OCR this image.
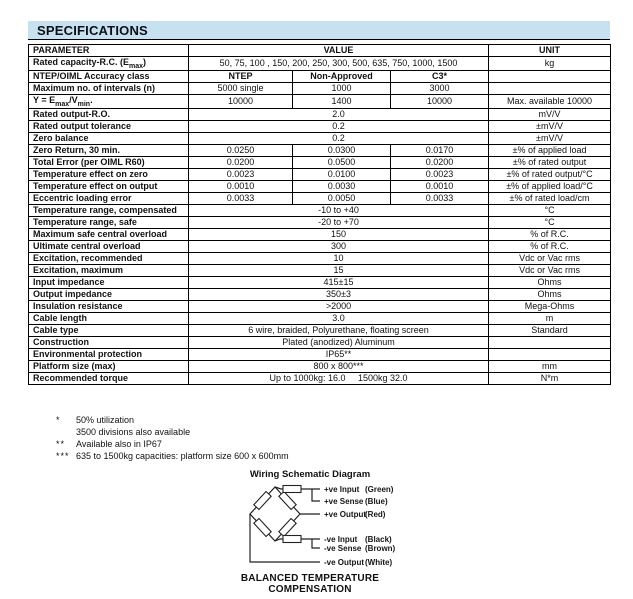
SPECIFICATIONS
PARAMETER	VALUE			UNIT
Rated capacity-R.C. $(E_{max})$	50, 75, 100 , 150, 200, 250, 300, 500, 635, 750, 1000, 1500			kg
NTEP/OIML Accuracy class	NTEP	Non-Approved	C3*	
Maximum no. of intervals (n)	5000 single	1000	3000	
$Y = E_{max}/V_{min}$.	10000	1400	10000	Max. available 10000
Rated output-R.O.	2.0			mV/V
Rated output tolerance	0.2			±mV/V
Zero balance	0.2			±mV/V
Zero Return, 30 min.	0.0250	0.0300	0.0170	±% of applied load
Total Error (per OIML R60)	0.0200	0.0500	0.0200	±% of rated output
Temperature effect on zero	0.0023	0.0100	0.0023	±% of rated output/°C
Temperature effect on output	0.0010	0.0030	0.0010	±% of applied load/°C
Eccentric loading error	0.0033	0.0050	0.0033	±% of rated load/cm
Temperature range, compensated	-10 to +40			°C
Temperature range, safe	-20 to +70			°C
Maximum safe central overload	150			% of R.C.
Ultimate central overload	300			% of R.C.
Excitation, recommended	10			Vdc or Vac rms
Excitation, maximum	15			Vdc or Vac rms
Input impedance	415±15			Ohms
Output impedance	350±3			Ohms
Insulation resistance	>2000			Mega-Ohms
Cable length	3.0			m
Cable type	6 wire, braided, Polyurethane, floating screen			Standard
Construction	Plated (anodized) Aluminum			
Environmental protection	IP65**			
Platform size (max)	800 x 800***			mm
Recommended torque	Up to 1000kg: 16.0     1500kg 32.0			N*m
* 50% utilization
3500 divisions also available
** Available also in IP67
*** 635 to 1500kg capacities: platform size 600 x 600mm
Wiring Schematic Diagram
+ve Input (Green)
+ve Sense (Blue)
+ve Output
(Red)
-ve Input (Black)
-ve Sense (Brown)
-ve Output (White)
BALANCED TEMPERATURE
COMPENSATION
